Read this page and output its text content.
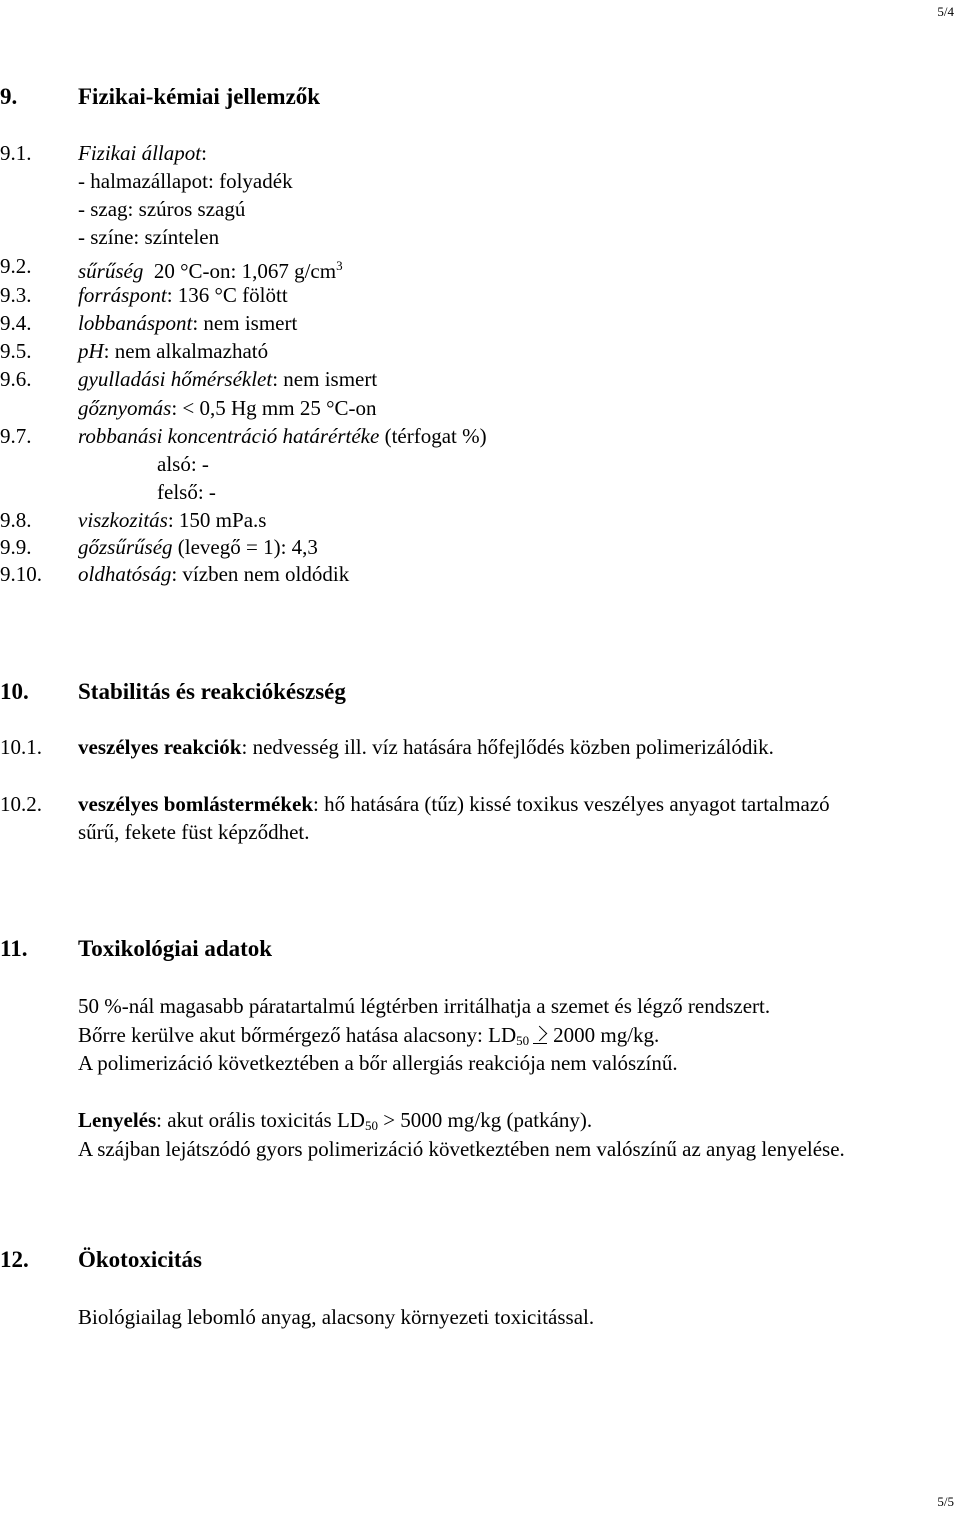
5/4
9.	Fizikai-kémiai jellemzők
9.1. Fizikai állapot:
- halmazállapot: folyadék
- szag: szúros szagú
- színe: színtelen
9.2. sűrűség 20 °C-on: 1,067 $g/cm^3$
9.3. forráspont: 136 °C fölött
9.4. lobbanáspont: nem ismert
9.5. pH: nem alkalmazható
9.6. gyulladási hőmérséklet: nem ismert
gőznyomás: < 0,5 Hg mm 25 °C-on
9.7. robbanási koncentráció határértéke (térfogat %)
alsó: -
felső: -
9.8. viszkozitás: 150 mPa.s
9.9. gőzsűrűség (levegő = 1): 4,3
9.10. oldhatóság: vízben nem oldódik
10. Stabilitás és reakciókészség
10.1. veszélyes reakciók: nedvesség ill. víz hatására hőfejlődés közben polimerizálódik.
10.2. veszélyes bomlástermékek: hő hatására (tűz) kissé toxikus veszélyes anyagot tartalmazó
sűrű, fekete füst képződhet.
11. Toxikológiai adatok
50 %-nál magasabb páratartalmú légtérben irritálhatja a szemet és légző rendszert.
Bőrre kerülve akut bőrmérgező hatása alacsony: $LD_{50}$ 2000 mg/kg.
A polimerizáció következtében a bőr allergiás reakciója nem valószínű.
Lenyelés: akut orális toxicitás $LD_{50} > 5000$ mg/kg (patkány).
A szájban lejátszódó gyors polimerizáció következtében nem valószínű az anyag lenyelése.
12. Ökotoxicitás
Biológiailag lebomló anyag, alacsony környezeti toxicitással.
5/5
